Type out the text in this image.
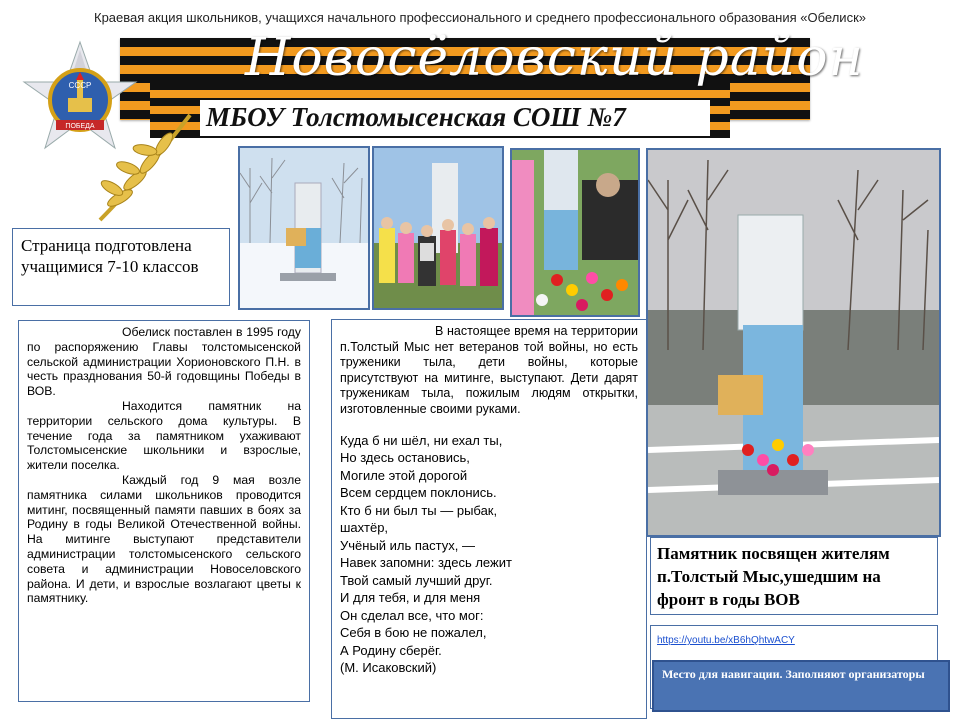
Краевая акция школьников, учащихся начального профессионального и среднего профессионального образования «Обелиск»
Новосёловский район
МБОУ Толстомысенская СОШ №7
СССР
ПОБЕДА
Страница подготовлена учащимися 7-10 классов

Обелиск поставлен в 1995 году по распоряжению Главы толстомысенской сельской администрации Хорионовского П.Н. в честь празднования 50-й годовщины Победы в ВОВ.

Находится памятник на территории сельского дома культуры. В течение года за памятником ухаживают Толстомысенские школьники и взрослые, жители поселка.

Каждый год 9 мая возле памятника силами школьников проводится митинг, посвященный памяти павших в боях за Родину в годы Великой Отечественной войны. На митинге выступают представители администрации толстомысенского сельского совета и администрации Новоселовского района. И дети, и взрослые возлагают цветы к памятнику.

В настоящее время на территории п.Толстый Мыс нет ветеранов той войны, но есть труженики тыла, дети войны, которые присутствуют на митинге, выступают. Дети дарят труженикам тыла, пожилым людям открытки, изготовленные своими руками.

Куда б ни шёл, ни ехал ты,
Но здесь остановись,
Могиле этой дорогой
Всем сердцем поклонись.
Кто б ни был ты — рыбак,
шахтёр,
Учёный иль пастух, —
Навек запомни: здесь лежит
Твой самый лучший друг.
И для тебя, и для меня
Он сделал все, что мог:
Себя в бою не пожалел,
А Родину сберёг.
(М. Исаковский)
Памятник посвящен жителям п.Толстый Мыс,ушедшим на фронт в годы ВОВ
https://youtu.be/xB6hQhtwACY
Место для навигации. Заполняют организаторы
